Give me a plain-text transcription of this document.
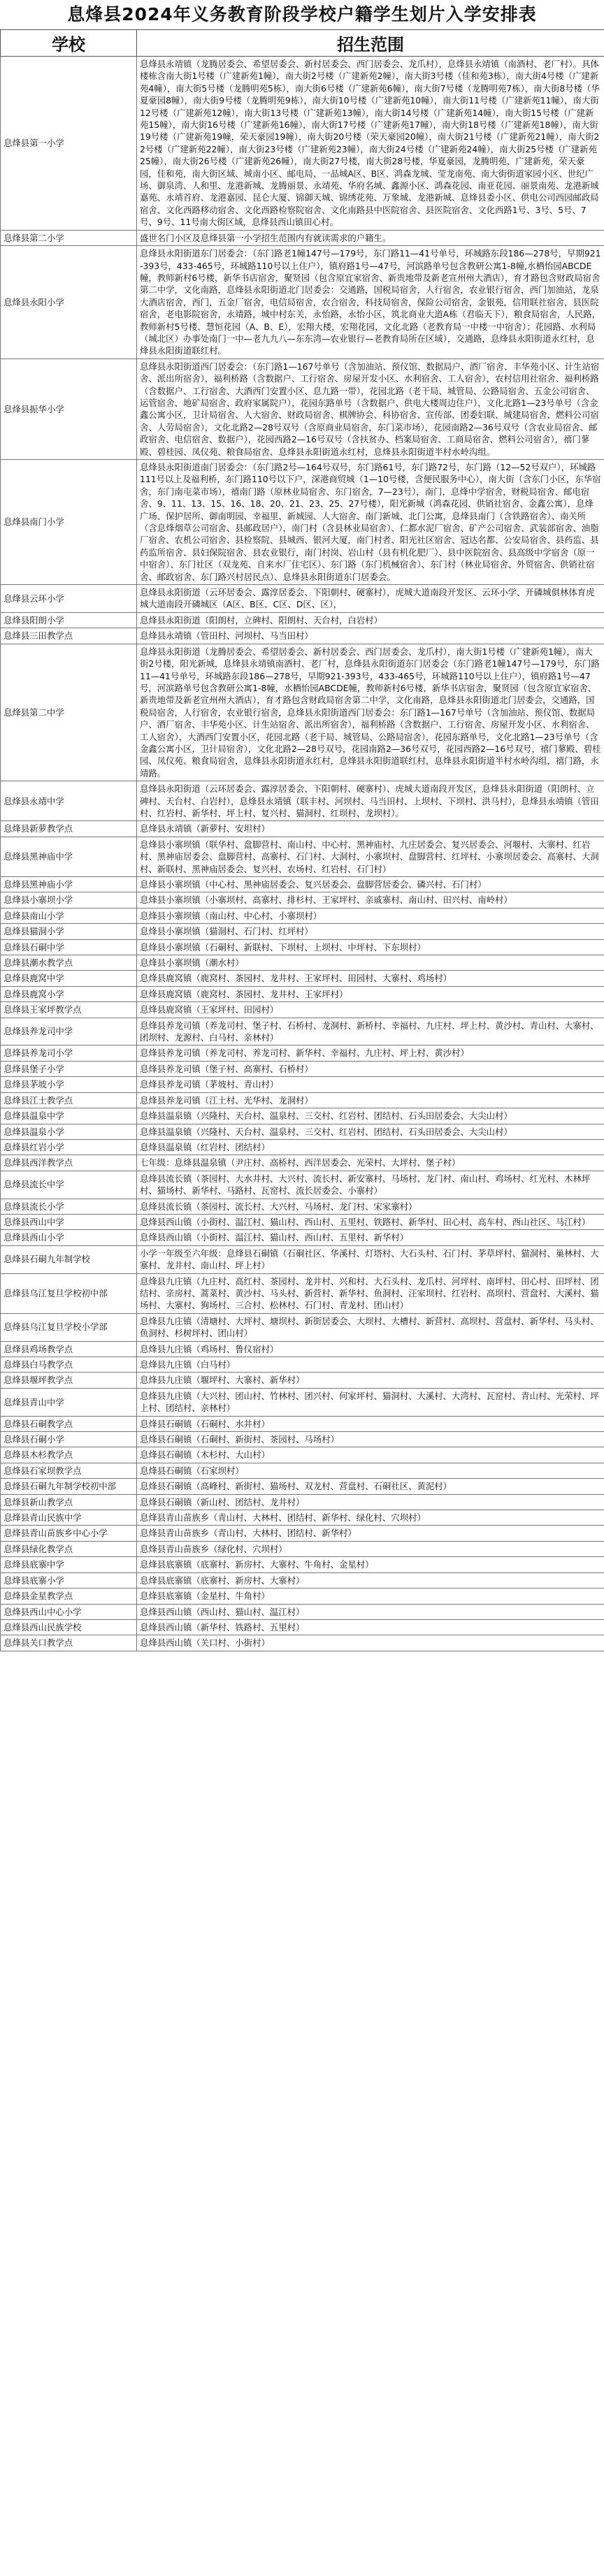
息烽县2024年义务教育阶段学校户籍学生划片入学安排表
学校	招生范围
息烽县第一小学	息烽县永靖镇（龙腾居委会、希望居委会、新村居委会、西门居委会、龙爪村），息烽县永靖镇（南酒村、老厂村）。具体楼栋含南大街1号楼（广建新苑1幢），南大街2号楼（广建新苑2幢），南大街3号楼（佳和苑3栋），南大街4号楼（广建新苑4幢），南大街5号楼（龙腾明苑5栋），南大街6号楼（广建新苑6幢），南大街7号楼（龙腾明苑7栋），南大街8号楼（华夏豪园8幢），南大街9号楼（龙腾明苑9栋），南大街10号楼（广建新苑10幢），南大街11号楼（广建新苑11幢），南大街12号楼（广建新苑12幢），南大街13号楼（广建新苑13幢），南大街14号楼（广建新苑14幢），南大街15号楼（广建新苑15幢），南大街16号楼（广建新苑16幢），南大街17号楼（广建新苑17幢），南大街18号楼（广建新苑18幢），南大街19号楼（广建新苑19幢，荣天豪园19幢），南大街20号楼（荣天豪园20幢），南大街21号楼（广建新苑21幢），南大街22号楼（广建新苑22幢），南大街23号楼（广建新苑23幢），南大街24号楼（广建新苑24幢），南大街25号楼（广建新苑25幢），南大街26号楼（广建新苑26幢），南大街27号楼，南大街28号楼，华夏豪园，龙腾明苑，广建新苑，荣天豪园，佳和苑，南大街区域、城南小区、邮电局、一品城A区、B区、鸿森龙城、莹龙南苑、南大街街道家园小区、世纪广场、御泉湾、人和里、龙港新城、龙腾丽景、永靖苑、华府名城、鑫源小区、鸿森花园、南亚花园、丽景南苑、龙港新城嘉苑、永靖首府、龙港嘉园、昆仑大厦、锦御天城、锦绣花苑、万象城、龙港新城、息烽县委小区、供电公司西园邮政局宿舍、文化西路移动宿舍、文化西路检察院宿舍、文化南路县中医院宿舍、县医院宿舍、文化西路1号、3号、5号、7号、9号、11号南大街区域，息烽县西山镇田心村。
息烽县第二小学	盛世名门小区及息烽县第一小学招生范围内有就读需求的户籍生。
息烽县永阳小学	息烽县永阳街道东门居委会：（东门路老1幢147号—179号，东门路11—41号单号，环城路东段186—278号，早期921-393号，433-465号，环城路110号以上住户），镇府路1号—47号，河滨路单号包含教研公寓1-8幢,水栖怡园ABCDE幢，教师新村6号楼，新华书店宿舍，聚贤园（包含原宜家宿舍、新贵地带及新老宣州州大酒店），育才路包含财政局宿舍第二中学，文化南路，息烽县永阳街道北门居委会：交通路，国税局宿舍，人行宿舍，农业银行宿舍，西门加油站，龙泉大酒店宿舍，西门，五金厂宿舍，电信局宿舍，农合宿舍，科技局宿舍，保险公司宿舍，金银苑，信用联社宿舍，县医院宿舍，老电影院宿舍，永靖路，城中村东关，永怡路，永怡小区，筑北商业大道A栋（君临天下），粮食局宿舍，人民路，教师新村5号楼、慧恒花园（A、B、E），宏翔大楼，宏翔花园，文化北路（老教育局一中楼一中宿舍）；花园路、水利局（城北区）办事处南门一中—老九九八—东东湾—农业银行—老教育局所在区域），交通路，息烽县永阳街道永红村，息烽县永阳街道联红村。
息烽县振华小学	息烽县永阳街道西门居委会：（东门路1—167号单号（含加油站、预仪馆、数据局户、酒厂宿舍、丰华苑小区、计生站宿舍、派出所宿舍），福利桥路（含数据户、工行宿舍、房屋开发小区、水利宿舍、工人宿舍），农村信用社宿舍、福利桥路（含数据户、工行宿舍、大酒西门安置小区、息九路一带），花园北路（老干局、城管局、公路局宿舍、五金公司宿舍、运管宿舍、地矿局宿舍、政府家属院户），花园东路单号（含数据户、供电大楼周边住户），文化北路1—23号单号（含金鑫公寓小区，卫计局宿舍、人大宿舍、财政局宿舍、棋牌协会、科协宿舍、宣传部、团委妇联、城建局宿舍、燃料公司宿舍、人劳局宿舍），文化北路2—28号双号（含原商业局宿舍，东门菜市场），花园南路2—36号双号（含农业局宿舍、邮政宿舍、电信宿舍、数据户），花园西路2—16号双号（含扶贫办、档案局宿舍、工商局宿舍、燃料公司宿舍），禧门蓼殿、碧桂园、凤仪苑、粮食局宿舍、息烽县永阳街道永红村，息烽县永阳街道半村水岭沟组。
息烽县南门小学	息烽县永阳街道南门居委会：（东门路2号—164号双号，东门路61号，东门路72号，东门路（12—52号双户），环城路111号以上及福利桥，东门路110号以下户，深港商贸城（1—10号楼，含便民服务中心），南大街（含东门小区，东华宿舍，东门南屯菜市场），禧南门路（原林业局宿舍、东门宿舍，7—23号），南门，息烽中学宿舍，财税局宿舍、邮电宿舍、9、11、13、15、16、18、20、21、23、25、27号楼），阳光新城（鸿森花园、供销社宿舍、金鑫公寓），息烽广场、保护居所、御南明园、幸福里、新城园、人大宿舍、南门新城、北门公寓，息烽县南门（含铁路宿舍）、南关所（含息烽烟草公司宿舍、县邮政居户），南门村（含县林业局宿舍）、仁都水泥厂宿舍、矿产公司宿舍、武装部宿舍、油脂厂宿舍、农机公司宿舍、县检察院、县城西、银河大厦，南门村者、阳光社区宿舍、冠达名都、公安局宿舍、县药监、县药监所宿舍、县妇保院宿舍、县农业银行，南门村岗、岩山村（县有机化肥厂）、县中医院宿舍、县高级中学宿舍（原一中宿舍）、东门社区（双龙苑、自来水厂住宅区）、东门路（东门机械宿舍）、东门村（林业局宿舍、外贸宿舍、供销社宿舍、邮政宿舍、东门路兴村居民点）、息烽县永阳街道东门居委会。
息烽县云环小学	息烽县永阳街道（云环居委会、露淳居委会、下阳朝村、硬寨村），虎城大道南段开发区、云环小学、开磷城俱林体育虎城大道南段开磷城区（A区、B区、C区、D区、区），
息烽县阳朗小学	息烽县永阳街道（阳朗村，立碑村、阳朗村、天台村，白岩村）
息烽县三田教学点	息烽县永靖镇（管田村、河坝村、马当田村）
息烽县第二中学	息烽县永阳街道（龙腾居委会、希望居委会、新村居委会、西门居委会、龙爪村），南大街1号楼（广建新苑1幢），南大街2号楼，阳光新城，息烽县永靖镇南酒村、老厂村，息烽县永阳街道东门居委会（东门路老1幢147号—179号，东门路11—41号单号，环城路东段186—278号，早期921-393号，433-465号，环城路110号以上住户），镇府路1号—47号，河滨路单号包含教研公寓1-8幢，水栖怡园ABCDE幢，教师新村6号楼，新华书店宿舍，聚贤园（包含原宜家宿舍、新贵地带及新老宣州州大酒店），育才路包含财政局宿舍第二中学，文化南路，息烽县永阳街道北门居委会，交通路，国税局宿舍，人行宿舍，农业银行宿舍，息烽县永阳街道西门居委会：东门路1—167号单号（含加油站、预仪馆、数据局户、酒厂宿舍、丰华苑小区、计生站宿舍、派出所宿舍），福利桥路（含数据户、工行宿舍、房屋开发小区、水利宿舍、工人宿舍），大酒西门安置小区，花园北路（老干局、城管局、公路局宿舍），花园东路单号，文化北路1—23号单号（含金鑫公寓小区，卫计局宿舍），文化北路2—28号双号，花园南路2—36号双号，花园西路2—16号双号，禧门蓼殿、碧桂园、凤仪苑、粮食局宿舍，息烽县永阳街道永红村，息烽县永阳街道联红村，息烽县永阳街道半村水岭沟组，禧门路，永靖路。
息烽县永靖中学	息烽县永阳街道（云环居委会、露淳居委会、下阳朝村、硬寨村）、虎城大道南段开发区，息烽县永阳街道（阳朗村、立碑村、天台村、白岩村），息烽县永靖镇（联丰村、河坝村、马当田村、上坝村、下坝村、洪马村），息烽县永靖镇（管田村、红岩村、新华村、坪上村、复兴村、猫洞村、红坝村、龙坝村）。
息烽县新萝教学点	息烽县永靖镇（新萝村、安坦村）
息烽县黑神庙中学	息烽县小寨坝镇（联华村、盘脚营村、南山村、中心村、黑神庙村、九庄居委会、复兴居委会、河堰村、大寨村、红岩村、黑神庙居委会、盘脚营村、高寨村、石门村、大洞村、小寨坝村、盘脚营村、红坪村、小寨坝居委会、高寨村、大洞村、新联村、黑神庙居委会、复兴村、农场村、红岩村、石门村）
息烽县黑神庙小学	息烽县小寨坝镇（中心村、黑神庙居委会、复兴居委会、盘脚营居委会、磷兴村、石门村）
息烽县小寨坝小学	息烽县小寨坝镇（小寨坝村、高寨村、排杉村、王家坪村、亲戚寨村、南山村、田兴村、南岭村）
息烽县南山小学	息烽县小寨坝镇（南山村、中心村、小寨坝村）
息烽县猫洞小学	息烽县小寨坝镇（猫洞村、石门村、红坪村）
息烽县石硐中学	息烽县小寨坝镇（石硐村、新联村、下坝村、上坝村、中坪村、下东坝村）
息烽县潮水教学点	息烽县小寨坝镇（潮水村）
息烽县鹿窝中学	息烽县鹿窝镇（鹿窝村、茶园村、龙井村、王家坪村、田园村、大寨村、鸡场村）
息烽县鹿窝小学	息烽县鹿窝镇（鹿窝村、茶园村、龙井村、王家坪村）
息烽县王家坪教学点	息烽县鹿窝镇（王家坪村、田园村）
息烽县养龙司中学	息烽县养龙司镇（养龙司村、堡子村、石桥村、龙洞村、新桥村、幸福村、九庄村、坪上村、黄沙村、青山村、大寨村、团坝村、龙源村、白马村、亲林村）
息烽县养龙司小学	息烽县养龙司镇（养龙司村、养龙司村、新华村、幸福村、九庄村、坪上村、黄沙村）
息烽县堡子小学	息烽县养龙司镇（堡子村、高寨村、石桥村）
息烽县茅坡小学	息烽县养龙司镇（茅坡村、青山村）
息烽县江土教学点	息烽县养龙司镇（江土村、光华村、龙洞村）
息烽县温泉中学	息烽县温泉镇（兴隆村、天台村、温泉村、三交村、红岩村、团结村、石头田居委会、大尖山村）
息烽县温泉小学	息烽县温泉镇（兴隆村、天台村、温泉村、三交村、红岩村、团结村、石头田居委会、大尖山村）
息烽县红岩小学	息烽县温泉镇（红岩村、团结村）
息烽县西洋教学点	七年级：息烽县温泉镇（尹庄村、高桥村、西洋居委会、光荣村、大坪村、堡子村）
息烽县流长中学	息烽县流长镇（茶园村、大水井村、大兴村、流长村、新安寨村、马场村、龙门村、南山村、鸡场村、红光村、木林坪村、猫场村、新华村、马路村、瓦窑村、流长居委会、小寨村）
息烽县流长小学	息烽县流长镇（茶园村、流长村、大兴村、马场村、龙门村、宋家寨村）
息烽县西山中学	息烽县西山镇（小街村、温江村、猫山村、西山村、五里村、铁路村、新华村、田心村、高车村、西山社区、马江村）
息烽县西山小学	息烽县西山镇（小街村、温江村、猫山村、西山村、五里村、新华村）
息烽县石硐九年制学校	小学一年级至六年级：息烽县石硐镇（石硐社区、华溪村、灯塔村、大石头村、石门村、茅草坪村、猫洞村、巢林村、大寨村、龙井村、南山村、坪上村）
息烽县乌江复旦学校初中部	息烽县九庄镇（九庄村、高红村、茶园村、龙井村、兴和村、大石头村、龙爪村、河坪村、南坪村、田心村、田坪村、团结村、亲房村、蒿菜村、黄沙村、马头村、新营村、新华村、鱼洞村、汪家坝村、红岩村、高坝村、营盘村、大溪村、猫场村、大寨村、狗场村、三合村、松林村、石门村、青龙村、团山村）
息烽县乌江复旦学校小学部	息烽县九庄镇（清塘村、大坪村、塘坝村、新街居委会、大坝村、大槽村、新营村、高坝村、营盘村、新华村、马头村、鱼洞村、杉树坪村、团山村）
息烽县鸡场教学点	息烽县九庄镇（鸡场村、鲁仪宿村）
息烽县白马教学点	息烽县九庄镇（白马村）
息烽县堰坪教学点	息烽县九庄镇（堰坪村、大寨村、新华村）
息烽县青山中学	息烽县九庄镇（大兴村、团山村、竹林村、团兴村、何家坪村、猫洞村、大溪村、大湾村、瓦窑村、青山村、光荣村、坪上村、团结村、亲林村）
息烽县石硐教学点	息烽县石硐镇（石硐村、水井村）
息烽县石硐小学	息烽县石硐镇（石硐村、新街村、茶园村、马场村）
息烽县木杉教学点	息烽县石硐镇（木杉村、大山村）
息烽县石家坝教学点	息烽县石硐镇（石家坝村）
息烽县石硐九年制学校初中部	息烽县石硐镇（高峰村、新街村、猫场村、双龙村、营盘村、石硐社区、黄泥村）
息烽县新山教学点	息烽县石硐镇（新山村、团结村、龙井村）
息烽县青山民族中学	息烽县青山苗族乡（青山村、大林村、团结村、新华村、绿化村、穴坝村）
息烽县青山苗族乡中心小学	息烽县青山苗族乡（青山村、大林村、团结村、新华村）
息烽县绿化教学点	息烽县青山苗族乡（绿化村、穴坝村）
息烽县底寨中学	息烽县底寨镇（底寨村、新房村、大寨村、牛角村、金星村）
息烽县底寨小学	息烽县底寨镇（底寨村、新房村、大寨村）
息烽县金星教学点	息烽县底寨镇（金星村、牛角村）
息烽县西山中心小学	息烽县西山镇（西山村、猫山村、温江村）
息烽县西山民族学校	息烽县西山镇（新华村、铁路村、五里村）
息烽县关口教学点	息烽县西山镇（关口村、小街村）
